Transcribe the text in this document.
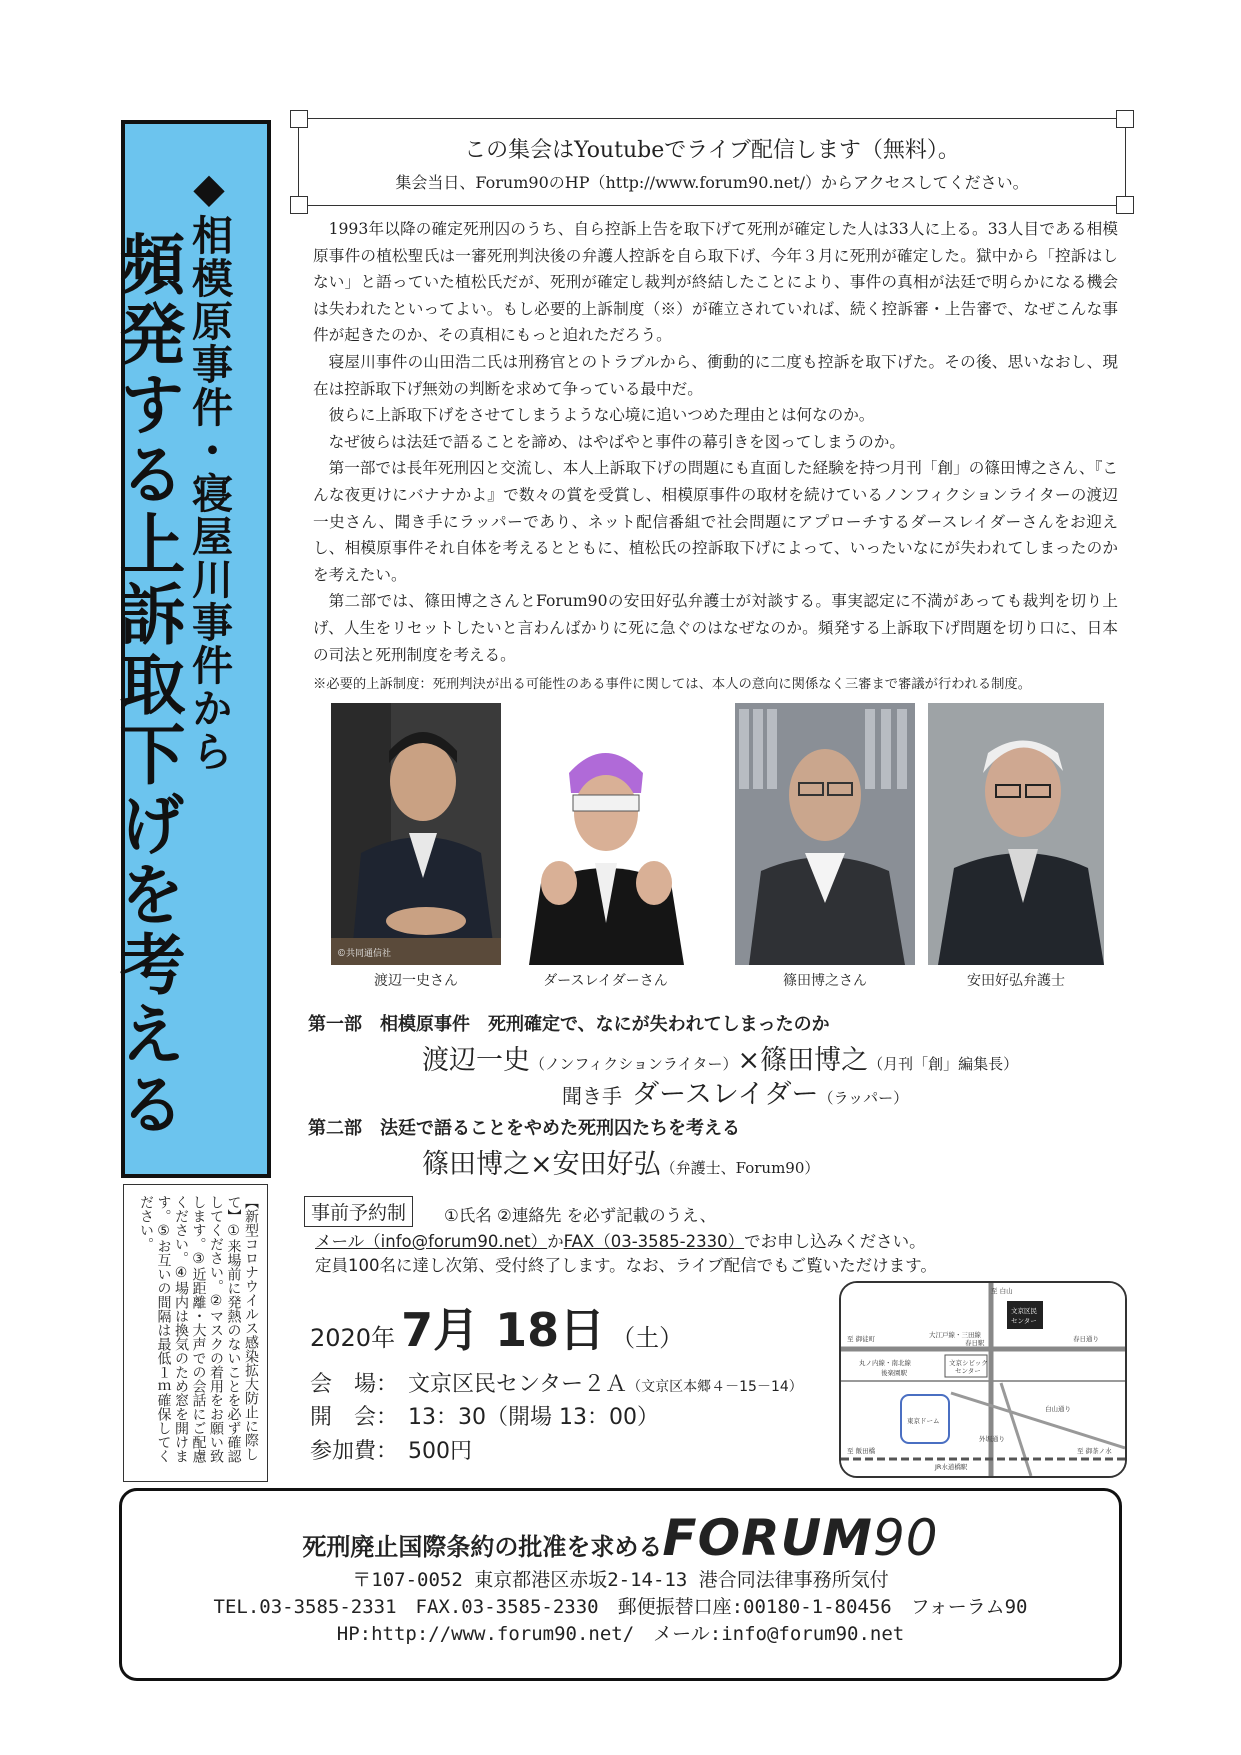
◆相模原事件・寝屋川事件から
頻発する上訴取下げを考える
この集会はYoutubeでライブ配信します（無料）。
集会当日、Forum90のHP（http://www.forum90.net/）からアクセスしてください。

1993年以降の確定死刑囚のうち、自ら控訴上告を取下げて死刑が確定した人は33人に上る。33人目である相模原事件の植松聖氏は一審死刑判決後の弁護人控訴を自ら取下げ、今年３月に死刑が確定した。獄中から「控訴はしない」と語っていた植松氏だが、死刑が確定し裁判が終結したことにより、事件の真相が法廷で明らかになる機会は失われたといってよい。もし必要的上訴制度（※）が確立されていれば、続く控訴審・上告審で、なぜこんな事件が起きたのか、その真相にもっと迫れただろう。

寝屋川事件の山田浩二氏は刑務官とのトラブルから、衝動的に二度も控訴を取下げた。その後、思いなおし、現在は控訴取下げ無効の判断を求めて争っている最中だ。

彼らに上訴取下げをさせてしまうような心境に追いつめた理由とは何なのか。

なぜ彼らは法廷で語ることを諦め、はやばやと事件の幕引きを図ってしまうのか。

第一部では長年死刑囚と交流し、本人上訴取下げの問題にも直面した経験を持つ月刊「創」の篠田博之さん、『こんな夜更けにバナナかよ』で数々の賞を受賞し、相模原事件の取材を続けているノンフィクションライターの渡辺一史さん、聞き手にラッパーであり、ネット配信番組で社会問題にアプローチするダースレイダーさんをお迎えし、相模原事件それ自体を考えるとともに、植松氏の控訴取下げによって、いったいなにが失われてしまったのかを考えたい。

第二部では、篠田博之さんとForum90の安田好弘弁護士が対談する。事実認定に不満があっても裁判を切り上げ、人生をリセットしたいと言わんばかりに死に急ぐのはなぜなのか。頻発する上訴取下げ問題を切り口に、日本の司法と死刑制度を考える。

※必要的上訴制度：死刑判決が出る可能性のある事件に関しては、本人の意向に関係なく三審まで審議が行われる制度。

©共同通信社
渡辺一史さん	ダースレイダーさん	篠田博之さん	安田好弘弁護士
第一部　相模原事件　死刑確定で、なにが失われてしまったのか
渡辺一史（ノンフィクションライター）×篠田博之（月刊「創」編集長）
聞き手 ダースレイダー（ラッパー）
第二部　法廷で語ることをやめた死刑囚たちを考える
篠田博之×安田好弘（弁護士、Forum90）
【新型コロナウイルス感染拡大防止に際して】①来場前に発熱のないことを必ず確認してください。②マスクの着用をお願い致します。③近距離・大声での会話にご配慮ください。④場内は換気のため窓を開けます。⑤お互いの間隔は最低１ｍ確保してください。	事前予約制	①氏名 ②連絡先 を必ず記載のうえ、
メール（info@forum90.net）かFAX（03-3585-2330）でお申し込みください。
定員100名に達し次第、受付終了します。なお、ライブ配信でもご覧いただけます。
2020年 7月 18日 （土）
会　場： 文京区民センター２Ａ（文京区本郷４－15－14）
開　会： 13：30（開場 13：00）
参加費： 500円
至 白山
文京区民
センター
至 御徒町	大江戸線・三田線
春日駅	春日通り
丸ノ内線・南北線
後楽園駅
文京シビック
センター
東京ドーム
白山通り
外堀通り
至 飯田橋
JR水道橋駅
至 御茶ノ水
死刑廃止国際条約の批准を求めるFORUM90
〒107-0052 東京都港区赤坂2-14-13 港合同法律事務所気付
TEL.03-3585-2331　FAX.03-3585-2330　郵便振替口座:00180-1-80456　フォーラム90
HP:http://www.forum90.net/　メール:info@forum90.net
